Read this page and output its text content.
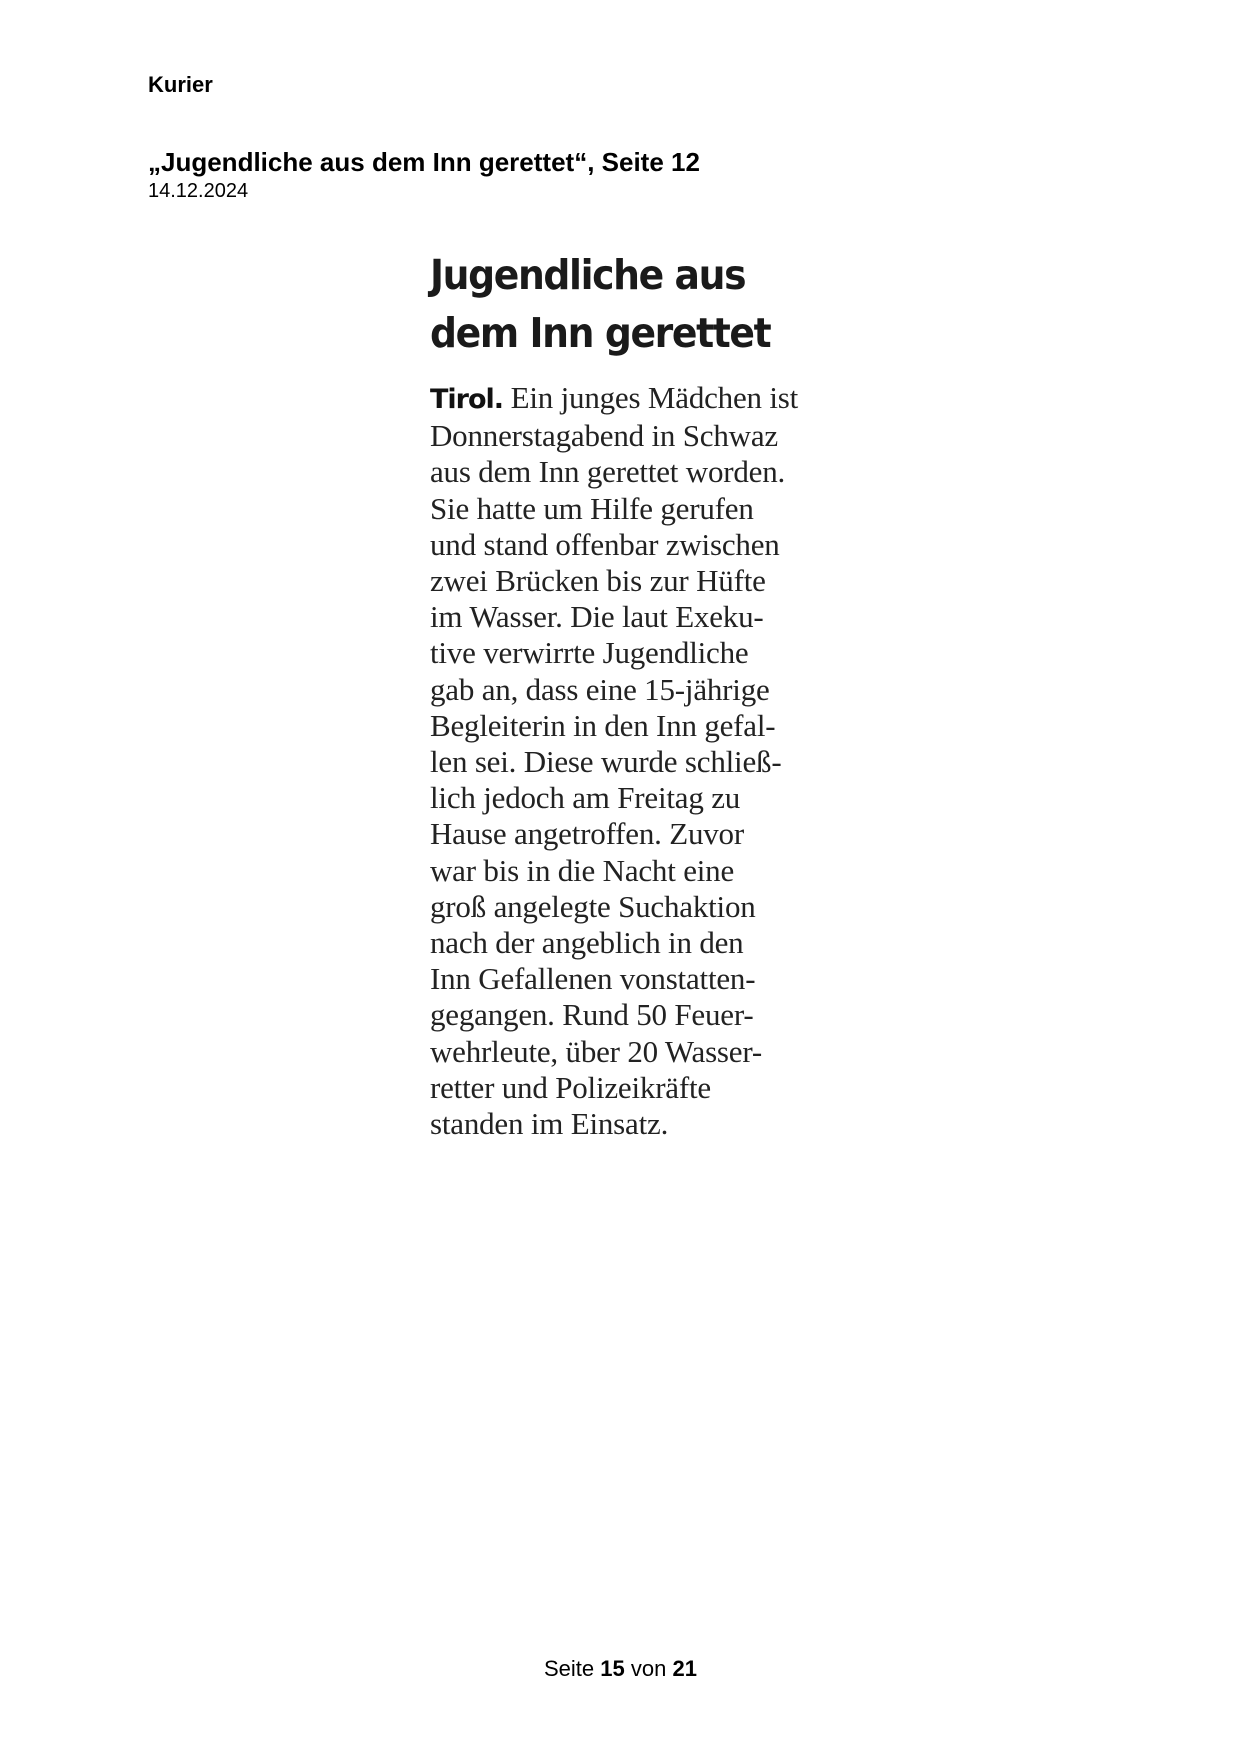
Kurier
„Jugendliche aus dem Inn gerettet“, Seite 12
14.12.2024
Jugendliche aus
dem Inn gerettet
Tirol. Ein junges Mädchen ist
Donnerstagabend in Schwaz
aus dem Inn gerettet worden.
Sie hatte um Hilfe gerufen
und stand offenbar zwischen
zwei Brücken bis zur Hüfte
im Wasser. Die laut Exeku-
tive verwirrte Jugendliche
gab an, dass eine 15-jährige
Begleiterin in den Inn gefal-
len sei. Diese wurde schließ-
lich jedoch am Freitag zu
Hause angetroffen. Zuvor
war bis in die Nacht eine
groß angelegte Suchaktion
nach der angeblich in den
Inn Gefallenen vonstatten-
gegangen. Rund 50 Feuer-
wehrleute, über 20 Wasser-
retter und Polizeikräfte
standen im Einsatz.
Seite 15 von 21
